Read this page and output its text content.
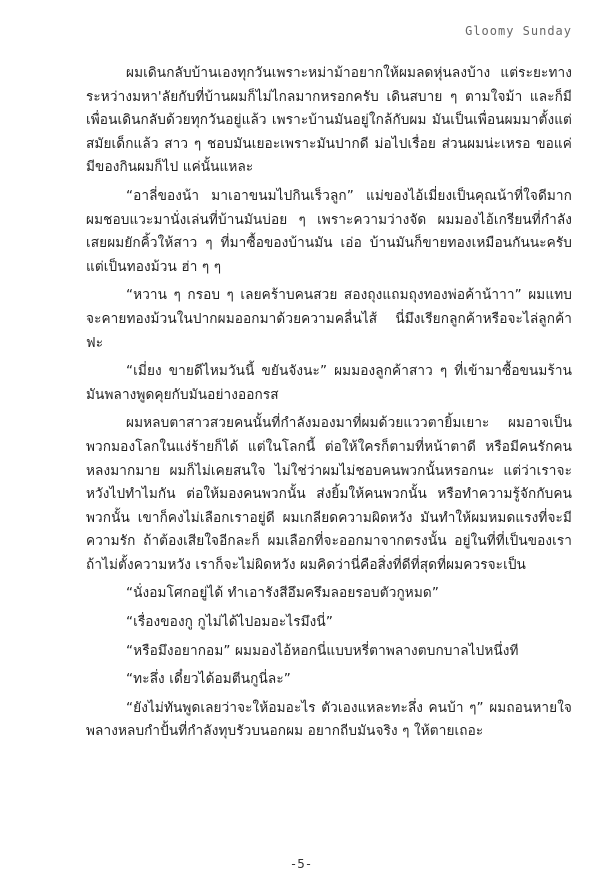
Gloomy Sunday

ผมเดินกลับบ้านเองทุกวันเพราะหม่าม้าอยากให้ผมลดหุ่นลงบ้าง แต่ระยะทางระหว่างมหา'ลัยกับที่บ้านผมก็ไม่ไกลมากหรอกครับ เดินสบาย ๆ ตามใจม้า และก็มีเพื่อนเดินกลับด้วยทุกวันอยู่แล้ว เพราะบ้านมันอยู่ใกล้กับผม มันเป็นเพื่อนผมมาตั้งแต่สมัยเด็กแล้ว สาว ๆ ชอบมันเยอะเพราะมันปากดี ม่อไปเรื่อย ส่วนผมน่ะเหรอ ขอแค่มีของกินผมก็ไป แค่นั้นแหละ

“อาลี่ของน้า มาเอาขนมไปกินเร็วลูก” แม่ของไอ้เมี่ยงเป็นคุณน้าที่ใจดีมาก ผมชอบแวะมานั่งเล่นที่บ้านมันบ่อย ๆ เพราะความว่างจัด ผมมองไอ้เกรียนที่กำลังเสยผมยักคิ้วให้สาว ๆ ที่มาซื้อของบ้านมัน เอ่อ บ้านมันก็ขายทองเหมือนกันนะครับ แต่เป็นทองม้วน ฮ่า ๆ ๆ

“หวาน ๆ กรอบ ๆ เลยคร้าบคนสวย สองถุงแถมถุงทองพ่อค้าน้าาา” ผมแทบจะคายทองม้วนในปากผมออกมาด้วยความคลื่นไส้ นี่มึงเรียกลูกค้าหรือจะไล่ลูกค้าฟะ

“เมี่ยง ขายดีไหมวันนี้ ขยันจังนะ” ผมมองลูกค้าสาว ๆ ที่เข้ามาซื้อขนมร้านมันพลางพูดคุยกับมันอย่างออกรส

ผมหลบตาสาวสวยคนนั้นที่กำลังมองมาที่ผมด้วยแววตายิ้มเยาะ ผมอาจเป็นพวกมองโลกในแง่ร้ายก็ได้ แต่ในโลกนี้ ต่อให้ใครก็ตามที่หน้าตาดี หรือมีคนรักคนหลงมากมาย ผมก็ไม่เคยสนใจ ไม่ใช่ว่าผมไม่ชอบคนพวกนั้นหรอกนะ แต่ว่าเราจะหวังไปทำไมกัน ต่อให้มองคนพวกนั้น ส่งยิ้มให้คนพวกนั้น หรือทำความรู้จักกับคนพวกนั้น เขาก็คงไม่เลือกเราอยู่ดี ผมเกลียดความผิดหวัง มันทำให้ผมหมดแรงที่จะมีความรัก ถ้าต้องเสียใจอีกละก็ ผมเลือกที่จะออกมาจากตรงนั้น อยู่ในที่ที่เป็นของเรา ถ้าไม่ตั้งความหวัง เราก็จะไม่ผิดหวัง ผมคิดว่านี่คือสิ่งที่ดีที่สุดที่ผมควรจะเป็น

“นั่งอมโศกอยู่ได้ ทำเอารังสีอึมครึมลอยรอบตัวกูหมด”

“เรื่องของกู กูไม่ได้ไปอมอะไรมึงนี่”

“หรือมึงอยากอม” ผมมองไอ้หอกนี่แบบหรี่ตาพลางตบกบาลไปหนึ่งที

“ทะลึ่ง เดี๋ยวได้อมตีนกูนี่ละ”

“ยังไม่ทันพูดเลยว่าจะให้อมอะไร ตัวเองแหละทะลึ่ง คนบ้า ๆ” ผมถอนหายใจพลางหลบกำปั้นที่กำลังทุบรัวบนอกผม อยากถีบมันจริง ๆ ให้ตายเถอะ

-5-
